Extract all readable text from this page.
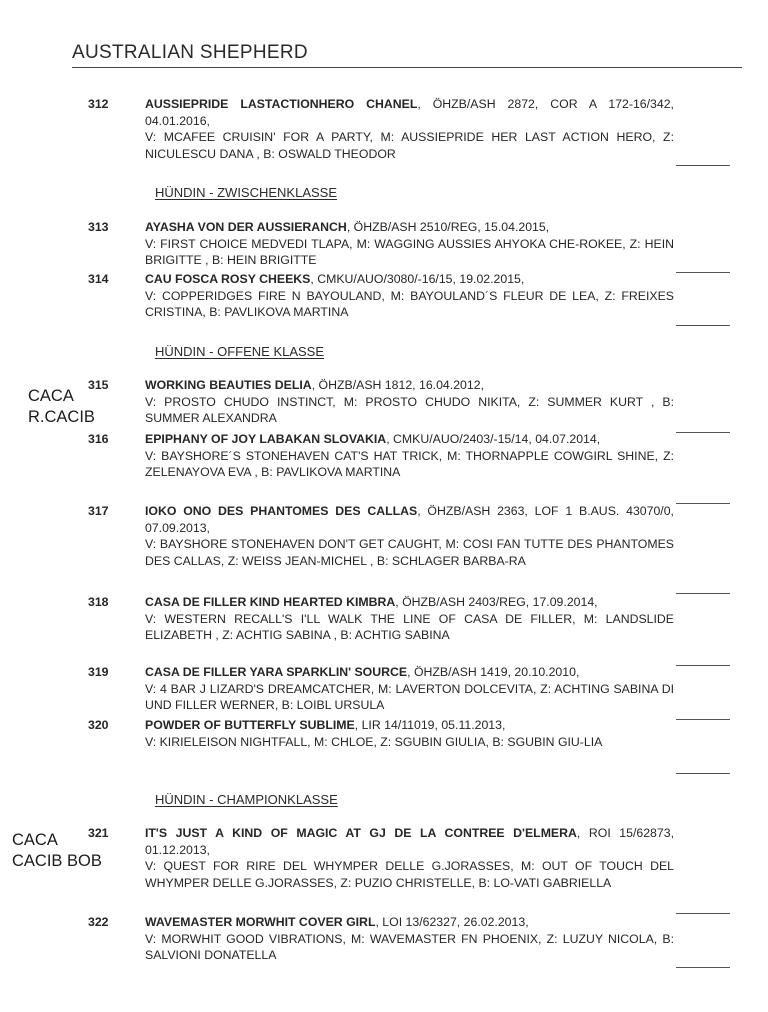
AUSTRALIAN SHEPHERD
312	AUSSIEPRIDE LASTACTIONHERO CHANEL, ÖHZB/ASH 2872, COR A 172-16/342, 04.01.2016,
V: MCAFEE CRUISIN' FOR A PARTY, M: AUSSIEPRIDE HER LAST ACTION HERO, Z: NICULESCU DANA , B: OSWALD THEODOR
HÜNDIN - ZWISCHENKLASSE
313	AYASHA VON DER AUSSIERANCH, ÖHZB/ASH 2510/REG, 15.04.2015,
V: FIRST CHOICE MEDVEDI TLAPA, M: WAGGING AUSSIES AHYOKA CHE-ROKEE, Z: HEIN BRIGITTE , B: HEIN BRIGITTE
314	CAU FOSCA ROSY CHEEKS, CMKU/AUO/3080/-16/15, 19.02.2015,
V: COPPERIDGES FIRE N BAYOULAND, M: BAYOULAND´S FLEUR DE LEA, Z: FREIXES CRISTINA, B: PAVLIKOVA MARTINA
HÜNDIN - OFFENE KLASSE
CACA
R.CACIB
315	WORKING BEAUTIES DELIA, ÖHZB/ASH 1812, 16.04.2012,
V: PROSTO CHUDO INSTINCT, M: PROSTO CHUDO NIKITA, Z: SUMMER KURT , B: SUMMER ALEXANDRA
316	EPIPHANY OF JOY LABAKAN SLOVAKIA, CMKU/AUO/2403/-15/14, 04.07.2014,
V: BAYSHORE´S STONEHAVEN CAT'S HAT TRICK, M: THORNAPPLE COWGIRL SHINE, Z: ZELENAYOVA EVA , B: PAVLIKOVA MARTINA
317	IOKO ONO DES PHANTOMES DES CALLAS, ÖHZB/ASH 2363, LOF 1 B.AUS. 43070/0, 07.09.2013,
V: BAYSHORE STONEHAVEN DON'T GET CAUGHT, M: COSI FAN TUTTE DES PHANTOMES DES CALLAS, Z: WEISS JEAN-MICHEL , B: SCHLAGER BARBA-RA
318	CASA DE FILLER KIND HEARTED KIMBRA, ÖHZB/ASH 2403/REG, 17.09.2014,
V: WESTERN RECALL'S I'LL WALK THE LINE OF CASA DE FILLER, M: LANDSLIDE ELIZABETH , Z: ACHTIG SABINA , B: ACHTIG SABINA
319	CASA DE FILLER YARA SPARKLIN' SOURCE, ÖHZB/ASH 1419, 20.10.2010,
V: 4 BAR J LIZARD'S DREAMCATCHER, M: LAVERTON DOLCEVITA, Z: ACHTING SABINA DI UND FILLER WERNER, B: LOIBL URSULA
320	POWDER OF BUTTERFLY SUBLIME, LIR 14/11019, 05.11.2013,
V: KIRIELEISON NIGHTFALL, M: CHLOE, Z: SGUBIN GIULIA, B: SGUBIN GIU-LIA
HÜNDIN - CHAMPIONKLASSE
CACA
CACIB BOB
321	IT'S JUST A KIND OF MAGIC AT GJ DE LA CONTREE D'ELMERA, ROI 15/62873, 01.12.2013,
V: QUEST FOR RIRE DEL WHYMPER DELLE G.JORASSES, M: OUT OF TOUCH DEL WHYMPER DELLE G.JORASSES, Z: PUZIO CHRISTELLE, B: LO-VATI GABRIELLA
322	WAVEMASTER MORWHIT COVER GIRL, LOI 13/62327, 26.02.2013,
V: MORWHIT GOOD VIBRATIONS, M: WAVEMASTER FN PHOENIX, Z: LUZUY NICOLA, B: SALVIONI DONATELLA
